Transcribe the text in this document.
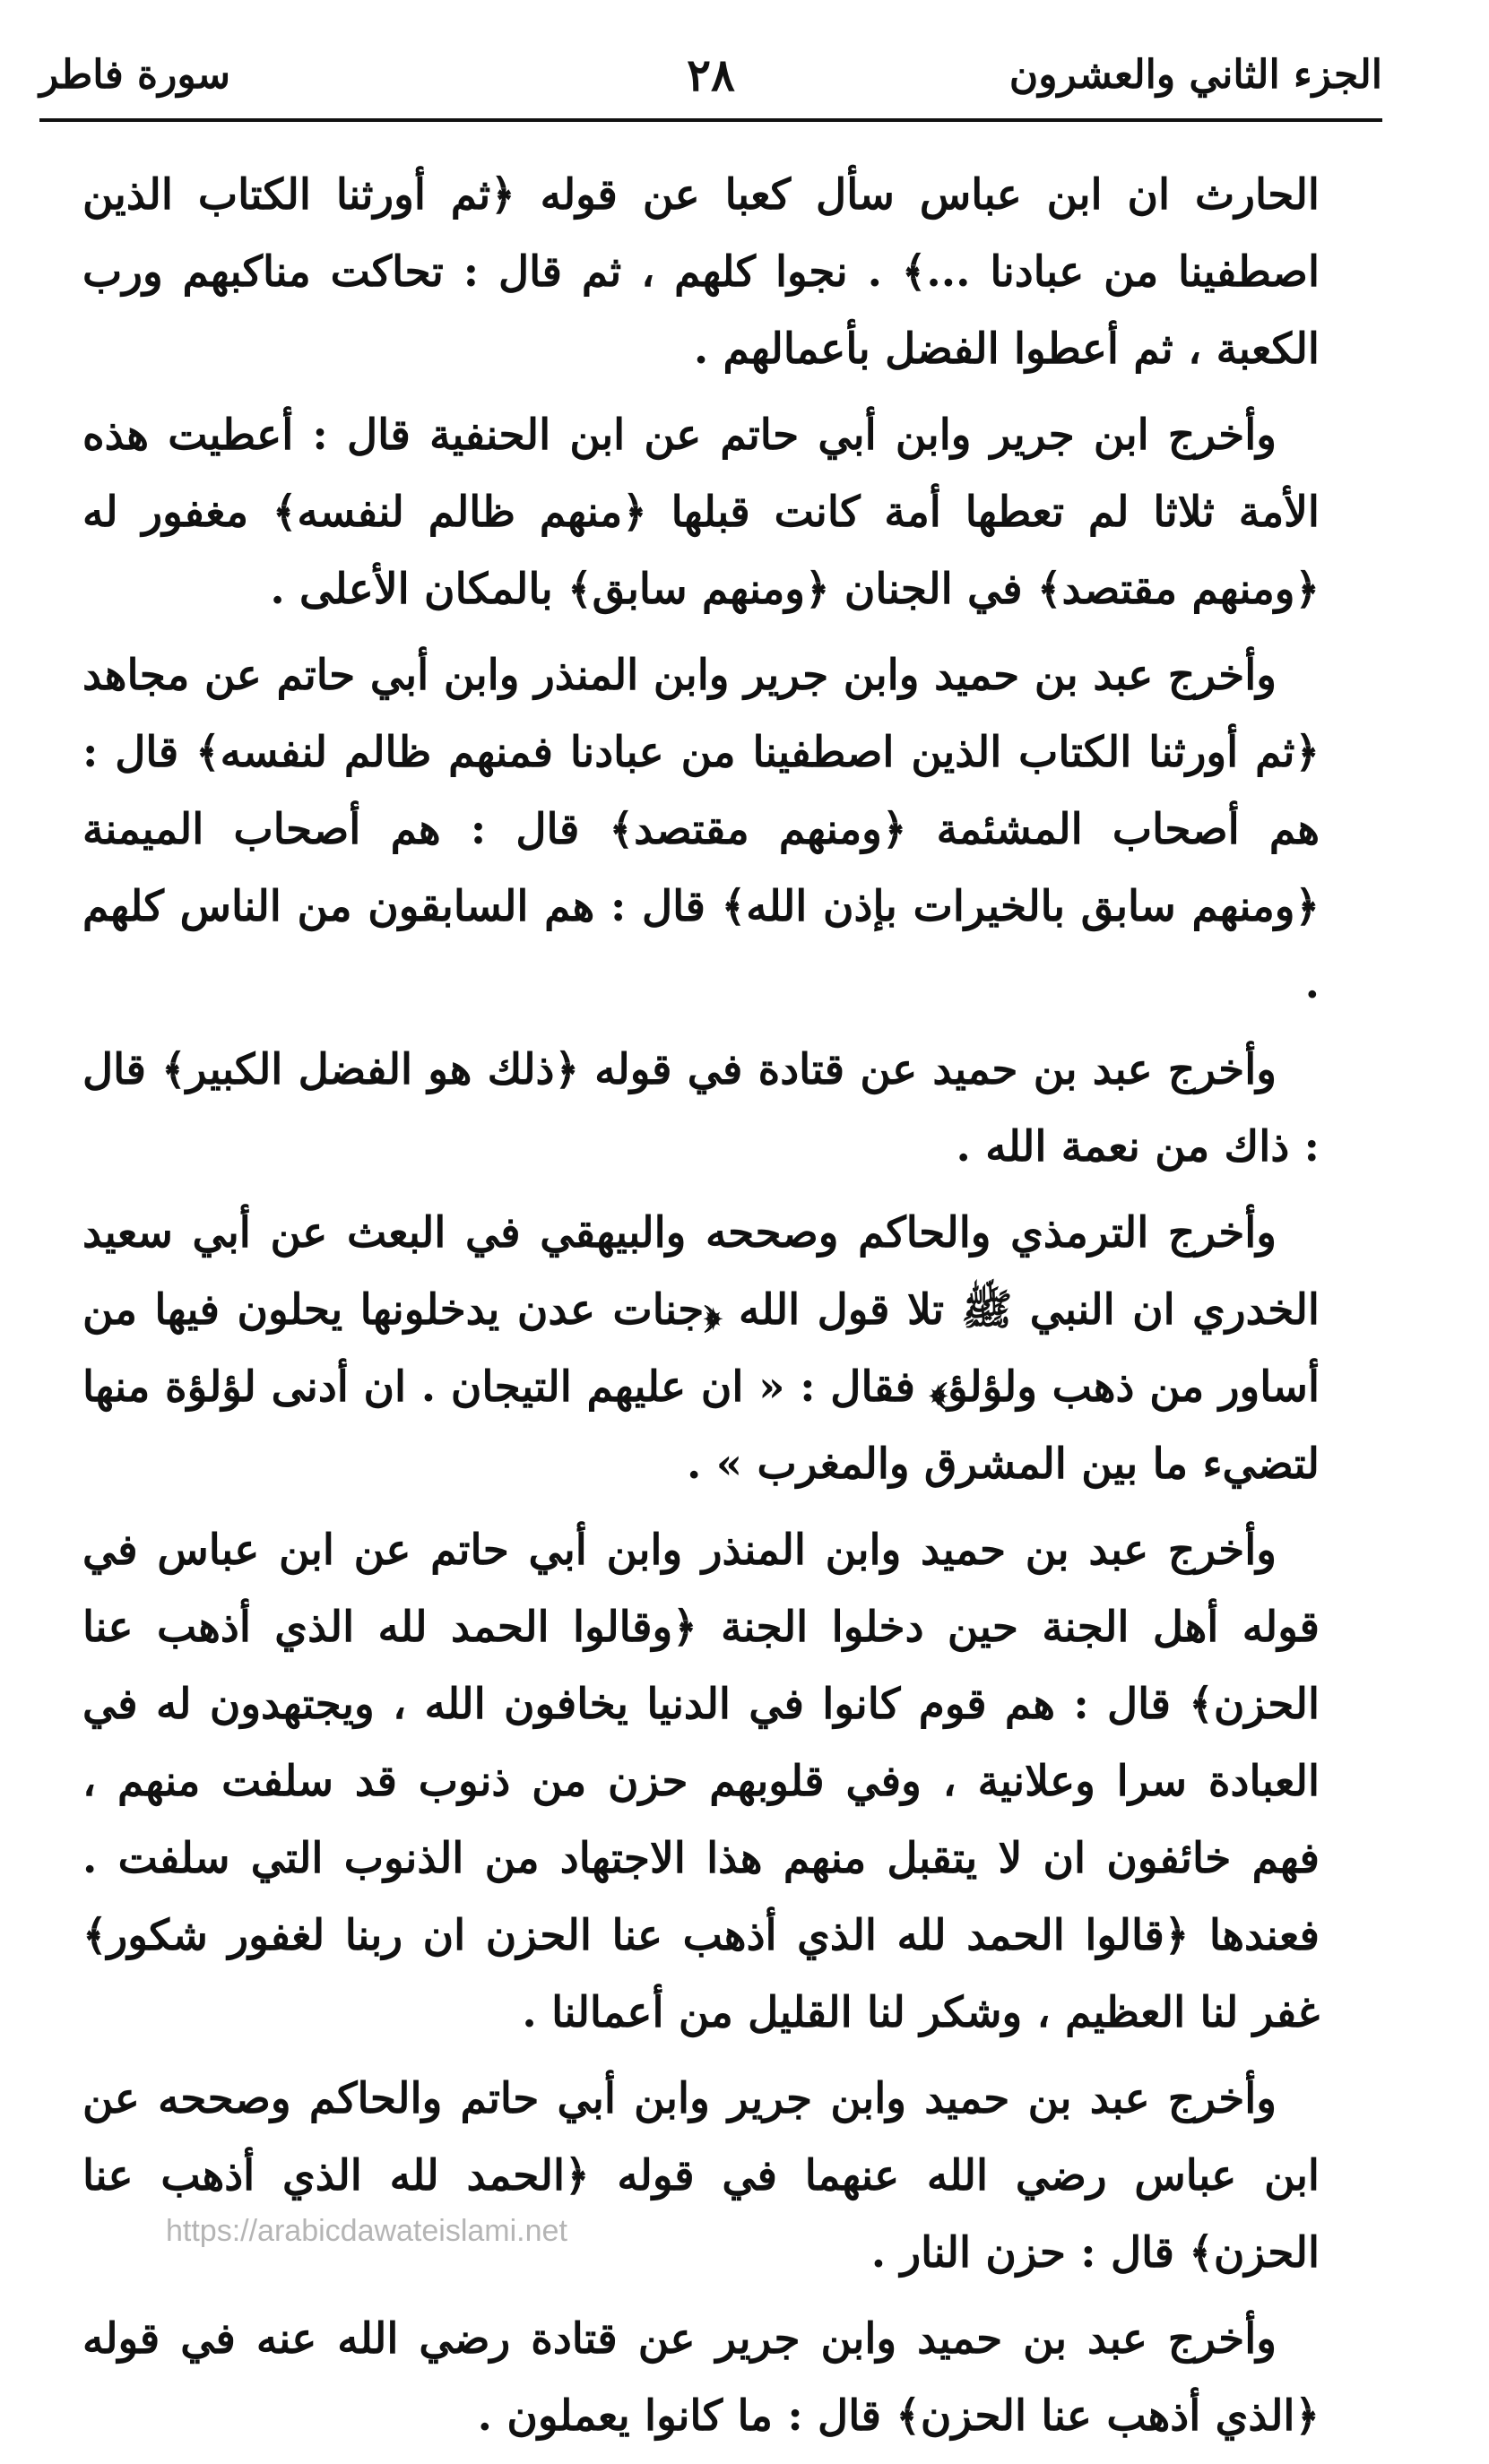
الجزء الثاني والعشرون
٢٨
سورة فاطر

الحارث ان ابن عباس سأل كعبا عن قوله ﴿ثم أورثنا الكتاب الذين اصطفينا من عبادنا ...﴾ . نجوا كلهم ، ثم قال : تحاكت مناكبهم ورب الكعبة ، ثم أعطوا الفضل بأعمالهم .

وأخرج ابن جرير وابن أبي حاتم عن ابن الحنفية قال : أعطيت هذه الأمة ثلاثا لم تعطها أمة كانت قبلها ﴿منهم ظالم لنفسه﴾ مغفور له ﴿ومنهم مقتصد﴾ في الجنان ﴿ومنهم سابق﴾ بالمكان الأعلى .

وأخرج عبد بن حميد وابن جرير وابن المنذر وابن أبي حاتم عن مجاهد ﴿ثم أورثنا الكتاب الذين اصطفينا من عبادنا فمنهم ظالم لنفسه﴾ قال : هم أصحاب المشئمة ﴿ومنهم مقتصد﴾ قال : هم أصحاب الميمنة ﴿ومنهم سابق بالخيرات بإذن الله﴾ قال : هم السابقون من الناس كلهم .

وأخرج عبد بن حميد عن قتادة في قوله ﴿ذلك هو الفضل الكبير﴾ قال : ذاك من نعمة الله .

وأخرج الترمذي والحاكم وصححه والبيهقي في البعث عن أبي سعيد الخدري ان النبي ﷺ تلا قول الله ﴿جنات عدن يدخلونها يحلون فيها من أساور من ذهب ولؤلؤ﴾ فقال : « ان عليهم التيجان . ان أدنى لؤلؤة منها لتضيء ما بين المشرق والمغرب » .

وأخرج عبد بن حميد وابن المنذر وابن أبي حاتم عن ابن عباس في قوله أهل الجنة حين دخلوا الجنة ﴿وقالوا الحمد لله الذي أذهب عنا الحزن﴾ قال : هم قوم كانوا في الدنيا يخافون الله ، ويجتهدون له في العبادة سرا وعلانية ، وفي قلوبهم حزن من ذنوب قد سلفت منهم ، فهم خائفون ان لا يتقبل منهم هذا الاجتهاد من الذنوب التي سلفت . فعندها ﴿قالوا الحمد لله الذي أذهب عنا الحزن ان ربنا لغفور شكور﴾ غفر لنا العظيم ، وشكر لنا القليل من أعمالنا .

وأخرج عبد بن حميد وابن جرير وابن أبي حاتم والحاكم وصححه عن ابن عباس رضي الله عنهما في قوله ﴿الحمد لله الذي أذهب عنا الحزن﴾ قال : حزن النار .

وأخرج عبد بن حميد وابن جرير عن قتادة رضي الله عنه في قوله ﴿الذي أذهب عنا الحزن﴾ قال : ما كانوا يعملون .

https://arabicdawateislami.net
